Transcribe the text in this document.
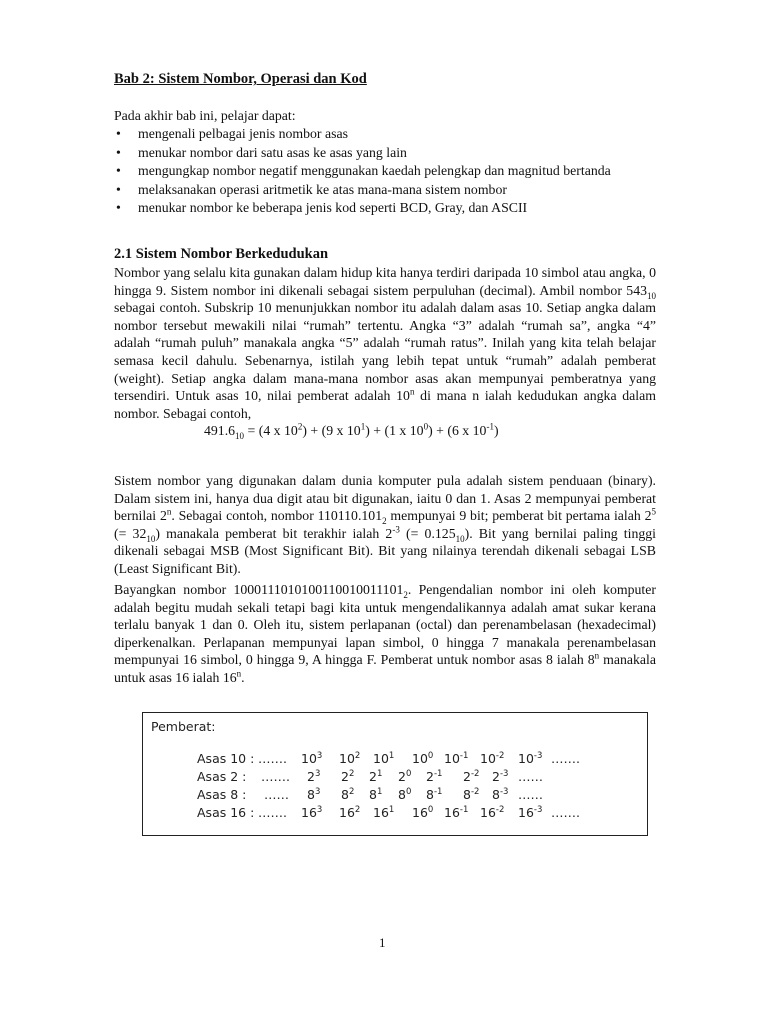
Bab 2: Sistem Nombor, Operasi dan Kod
Pada akhir bab ini, pelajar dapat:
• mengenali pelbagai jenis nombor asas
• menukar nombor dari satu asas ke asas yang lain
• mengungkap nombor negatif menggunakan kaedah pelengkap dan magnitud bertanda
• melaksanakan operasi aritmetik ke atas mana-mana sistem nombor
• menukar nombor ke beberapa jenis kod seperti BCD, Gray, dan ASCII
2.1 Sistem Nombor Berkedudukan

Nombor yang selalu kita gunakan dalam hidup kita hanya terdiri daripada 10 simbol atau angka, 0 hingga 9. Sistem nombor ini dikenali sebagai sistem perpuluhan (decimal). Ambil nombor $543_{10}$ sebagai contoh. Subskrip 10 menunjukkan nombor itu adalah dalam asas 10. Setiap angka dalam nombor tersebut mewakili nilai “rumah” tertentu. Angka “3” adalah “rumah sa”, angka “4” adalah “rumah puluh” manakala angka “5” adalah “rumah ratus”. Inilah yang kita telah belajar semasa kecil dahulu. Sebenarnya, istilah yang lebih tepat untuk “rumah” adalah pemberat (weight). Setiap angka dalam mana-mana nombor asas akan mempunyai pemberatnya yang tersendiri. Untuk asas 10, nilai pemberat adalah 10$^n$ di mana n ialah kedudukan angka dalam nombor. Sebagai contoh,

$491.6_{10} = (4$ x $10^2) + (9$ x $10^1) + (1$ x $10^0) + (6$ x $10^{-1}$)

Sistem nombor yang digunakan dalam dunia komputer pula adalah sistem penduaan (binary). Dalam sistem ini, hanya dua digit atau bit digunakan, iaitu 0 dan 1. Asas 2 mempunyai pemberat bernilai 2$^n$. Sebagai contoh, nombor $110110.101_2$ mempunyai 9 bit; pemberat bit pertama ialah $2^5$ (= $32_{10}$) manakala pemberat bit terakhir ialah $2^{-3}$ (= $0.125_{10}$). Bit yang bernilai paling tinggi dikenali sebagai MSB (Most Significant Bit). Bit yang nilainya terendah dikenali sebagai LSB (Least Significant Bit).

Bayangkan nombor $1000111010100110010011101_2$. Pengendalian nombor ini oleh komputer adalah begitu mudah sekali tetapi bagi kita untuk mengendalikannya adalah amat sukar kerana terlalu banyak 1 dan 0. Oleh itu, sistem perlapanan (octal) dan perenambelasan (hexadecimal) diperkenalkan. Perlapanan mempunyai lapan simbol, 0 hingga 7 manakala perenambelasan mempunyai 16 simbol, 0 hingga 9, A hingga F. Pemberat untuk nombor asas 8 ialah 8$^n$ manakala untuk asas 16 ialah 16$^n$.

Pemberat:
Asas 10 : ……. $10^3$ $10^2$ $10^1$ $10^0$ $10^{-1}$ $10^{-2}$ $10^{-3}$ …….
Asas 2 : ……. $2^3$ $2^2$ $2^1$ $2^0$ $2^{-1}$ $2^{-2}$ $2^{-3}$ ……
Asas 8 : …… $8^3$ $8^2$ $8^1$ $8^0$ $8^{-1}$ $8^{-2}$ $8^{-3}$ ……
Asas 16 : ……. $16^3$ $16^2$ $16^1$ $16^0$ $16^{-1}$ $16^{-2}$ $16^{-3}$ …….
1
